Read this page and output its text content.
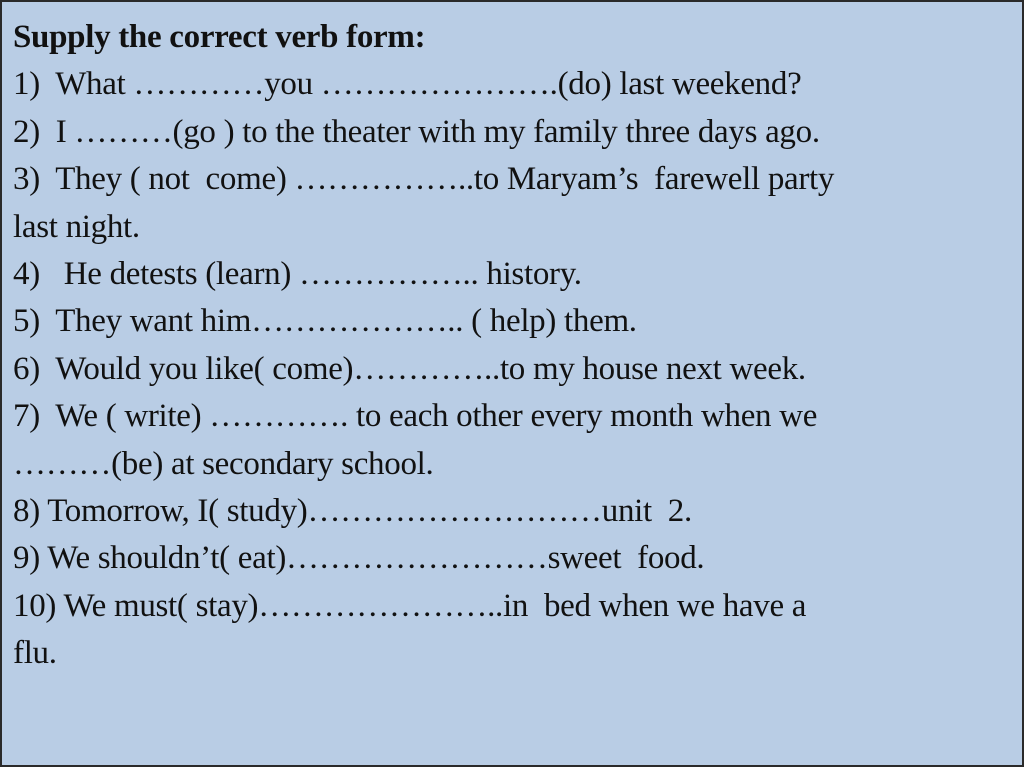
Supply the correct verb form:
1)  What …………you ………………….(do) last weekend?
2)  I ………(go ) to the theater with my family three days ago.
3)  They ( not  come) ……………..to Maryam’s  farewell party
last night.
4)   He detests (learn) …………….. history.
5)  They want him……………….. ( help) them.
6)  Would you like( come)…………..to my house next week.
7)  We ( write) …………. to each other every month when we
………(be) at secondary school.
8) Tomorrow, I( study)………………………unit  2.
9) We shouldn’t( eat)……………………sweet  food.
10) We must( stay)…………………..in  bed when we have a
flu.
